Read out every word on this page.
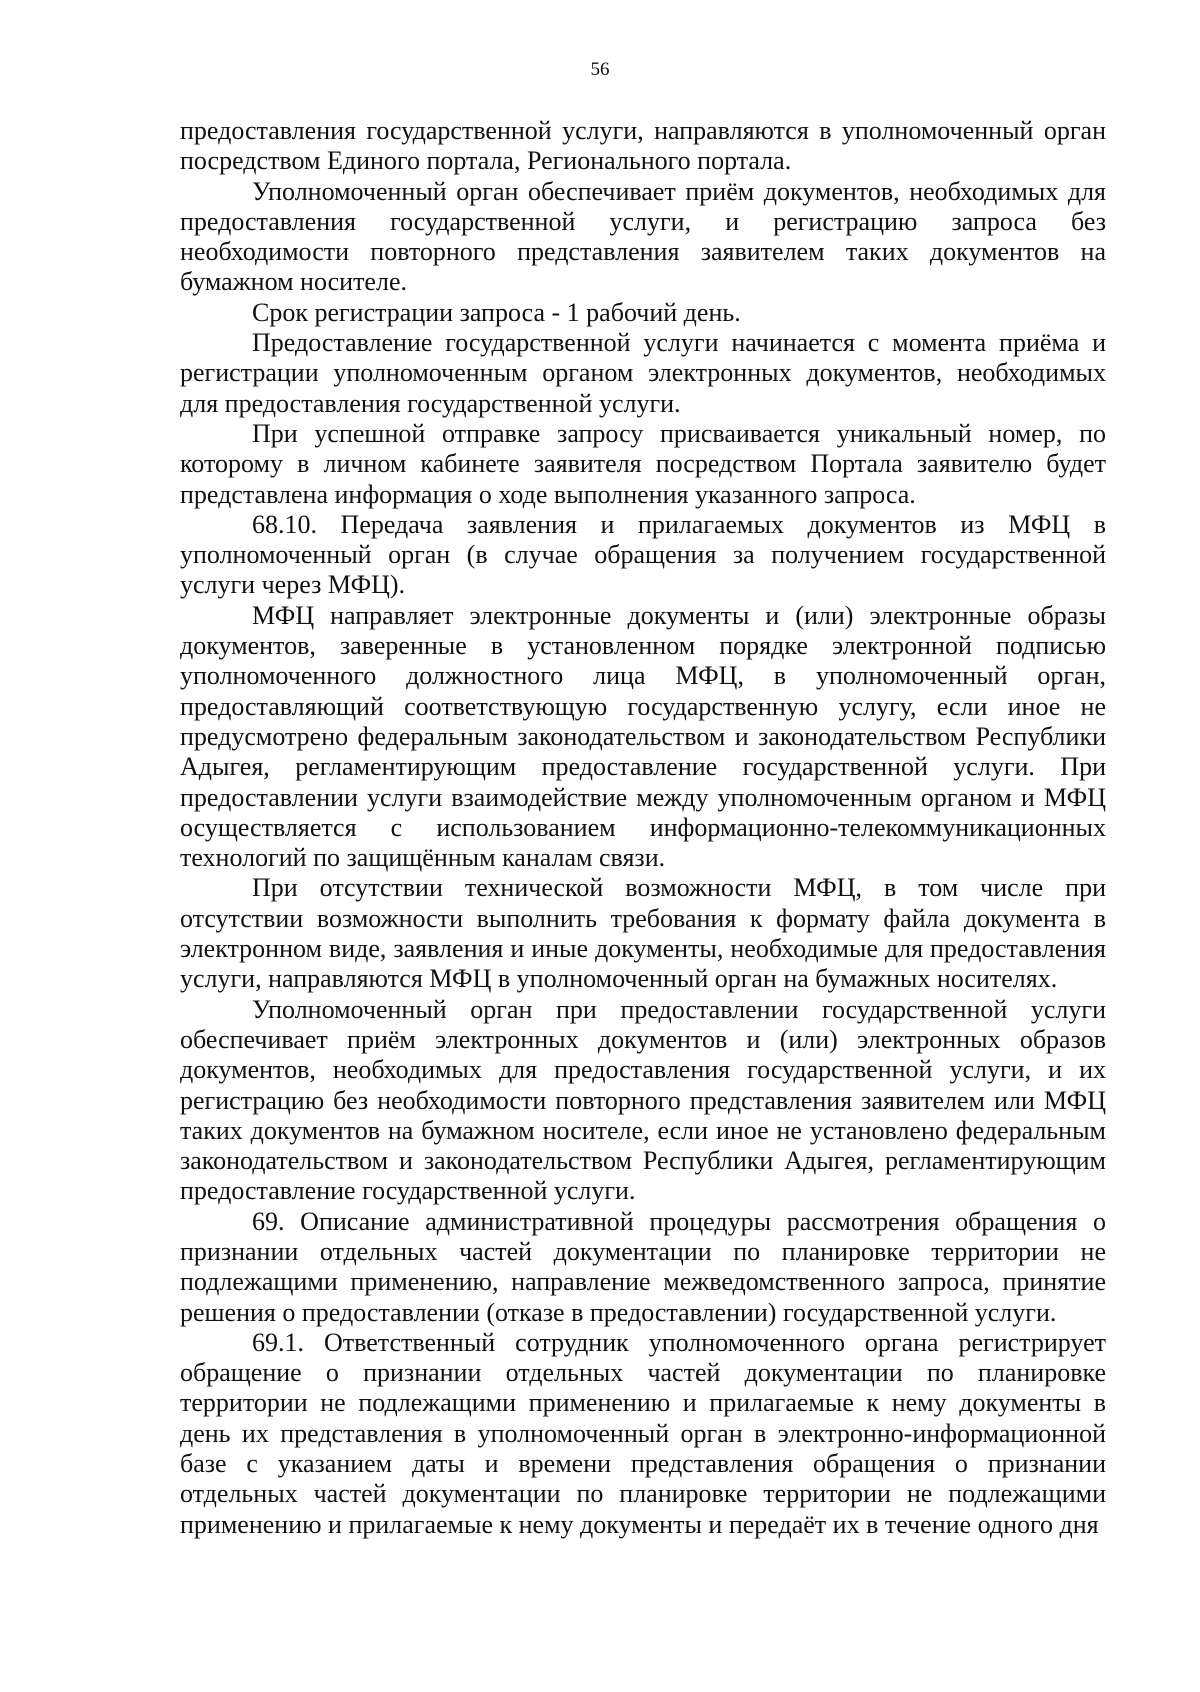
56

предоставления государственной услуги, направляются в уполномоченный орган посредством Единого портала, Регионального портала.

Уполномоченный орган обеспечивает приём документов, необходимых для предоставления государственной услуги, и регистрацию запроса без необходимости повторного представления заявителем таких документов на бумажном носителе.

Срок регистрации запроса - 1 рабочий день.

Предоставление государственной услуги начинается с момента приёма и регистрации уполномоченным органом электронных документов, необходимых для предоставления государственной услуги.

При успешной отправке запросу присваивается уникальный номер, по которому в личном кабинете заявителя посредством Портала заявителю будет представлена информация о ходе выполнения указанного запроса.

68.10. Передача заявления и прилагаемых документов из МФЦ в уполномоченный орган (в случае обращения за получением государственной услуги через МФЦ).

МФЦ направляет электронные документы и (или) электронные образы документов, заверенные в установленном порядке электронной подписью уполномоченного должностного лица МФЦ, в уполномоченный орган, предоставляющий соответствующую государственную услугу, если иное не предусмотрено федеральным законодательством и законодательством Республики Адыгея, регламентирующим предоставление государственной услуги. При предоставлении услуги взаимодействие между уполномоченным органом и МФЦ осуществляется с использованием информационно-телекоммуникационных технологий по защищённым каналам связи.

При отсутствии технической возможности МФЦ, в том числе при отсутствии возможности выполнить требования к формату файла документа в электронном виде, заявления и иные документы, необходимые для предоставления услуги, направляются МФЦ в уполномоченный орган на бумажных носителях.

Уполномоченный орган при предоставлении государственной услуги обеспечивает приём электронных документов и (или) электронных образов документов, необходимых для предоставления государственной услуги, и их регистрацию без необходимости повторного представления заявителем или МФЦ таких документов на бумажном носителе, если иное не установлено федеральным законодательством и законодательством Республики Адыгея, регламентирующим предоставление государственной услуги.

69. Описание административной процедуры рассмотрения обращения о признании отдельных частей документации по планировке территории не подлежащими применению, направление межведомственного запроса, принятие решения о предоставлении (отказе в предоставлении) государственной услуги.

69.1. Ответственный сотрудник уполномоченного органа регистрирует обращение о признании отдельных частей документации по планировке территории не подлежащими применению и прилагаемые к нему документы в день их представления в уполномоченный орган в электронно-информационной базе с указанием даты и времени представления обращения о признании отдельных частей документации по планировке территории не подлежащими применению и прилагаемые к нему документы и передаёт их в течение одного дня
